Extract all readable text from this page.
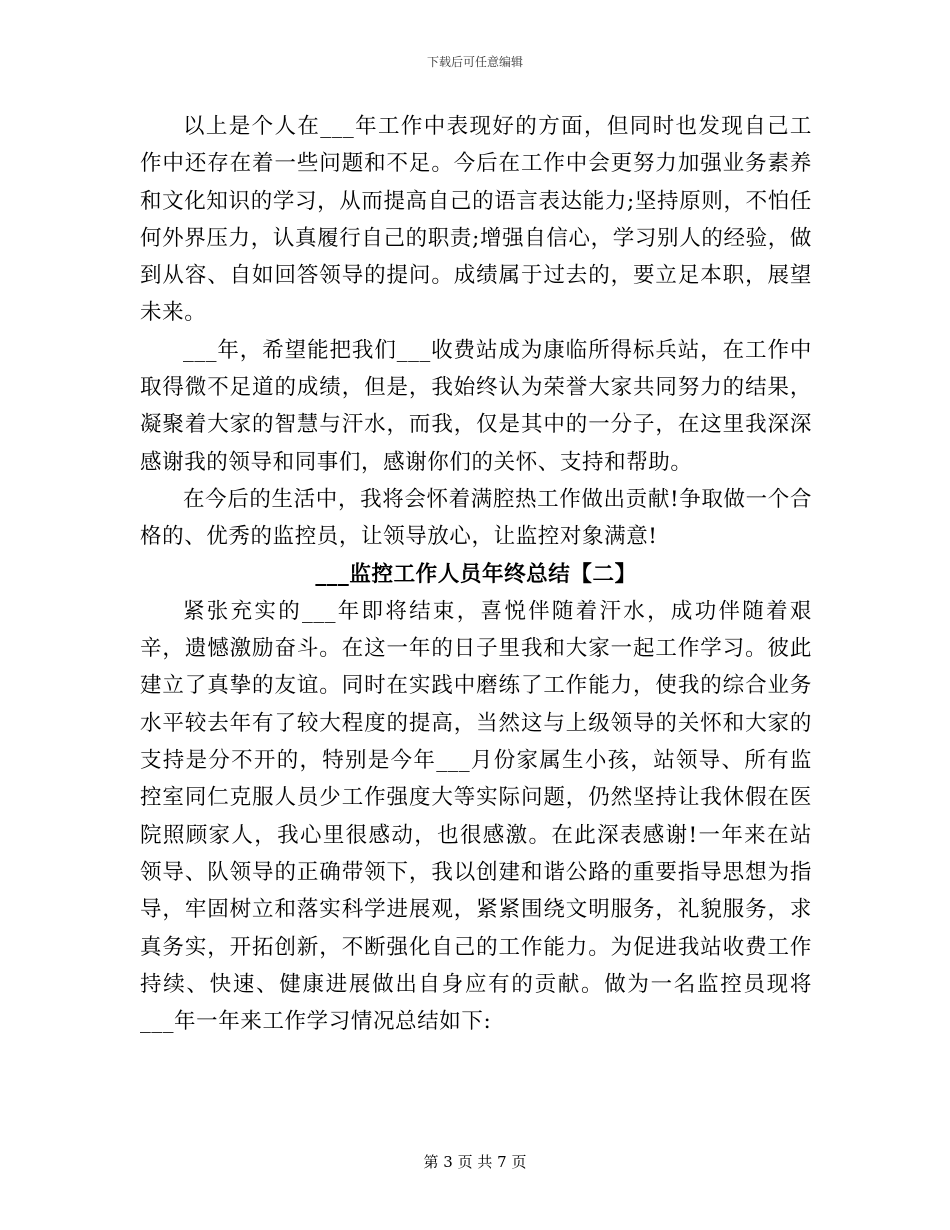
下载后可任意编辑

以上是个人在___年工作中表现好的方面，但同时也发现自己工作中还存在着一些问题和不足。今后在工作中会更努力加强业务素养和文化知识的学习，从而提高自己的语言表达能力;坚持原则，不怕任何外界压力，认真履行自己的职责;增强自信心，学习别人的经验，做到从容、自如回答领导的提问。成绩属于过去的，要立足本职，展望未来。

___年，希望能把我们___收费站成为康临所得标兵站，在工作中取得微不足道的成绩，但是，我始终认为荣誉大家共同努力的结果，凝聚着大家的智慧与汗水，而我，仅是其中的一分子，在这里我深深感谢我的领导和同事们，感谢你们的关怀、支持和帮助。

在今后的生活中，我将会怀着满腔热工作做出贡献!争取做一个合格的、优秀的监控员，让领导放心，让监控对象满意!

___监控工作人员年终总结【二】

紧张充实的___年即将结束，喜悦伴随着汗水，成功伴随着艰辛，遗憾激励奋斗。在这一年的日子里我和大家一起工作学习。彼此建立了真挚的友谊。同时在实践中磨练了工作能力，使我的综合业务水平较去年有了较大程度的提高，当然这与上级领导的关怀和大家的支持是分不开的，特别是今年___月份家属生小孩，站领导、所有监控室同仁克服人员少工作强度大等实际问题，仍然坚持让我休假在医院照顾家人，我心里很感动，也很感激。在此深表感谢!一年来在站领导、队领导的正确带领下，我以创建和谐公路的重要指导思想为指导，牢固树立和落实科学进展观，紧紧围绕文明服务，礼貌服务，求真务实，开拓创新，不断强化自己的工作能力。为促进我站收费工作持续、快速、健康进展做出自身应有的贡献。做为一名监控员现将___年一年来工作学习情况总结如下:

第 3 页 共 7 页
